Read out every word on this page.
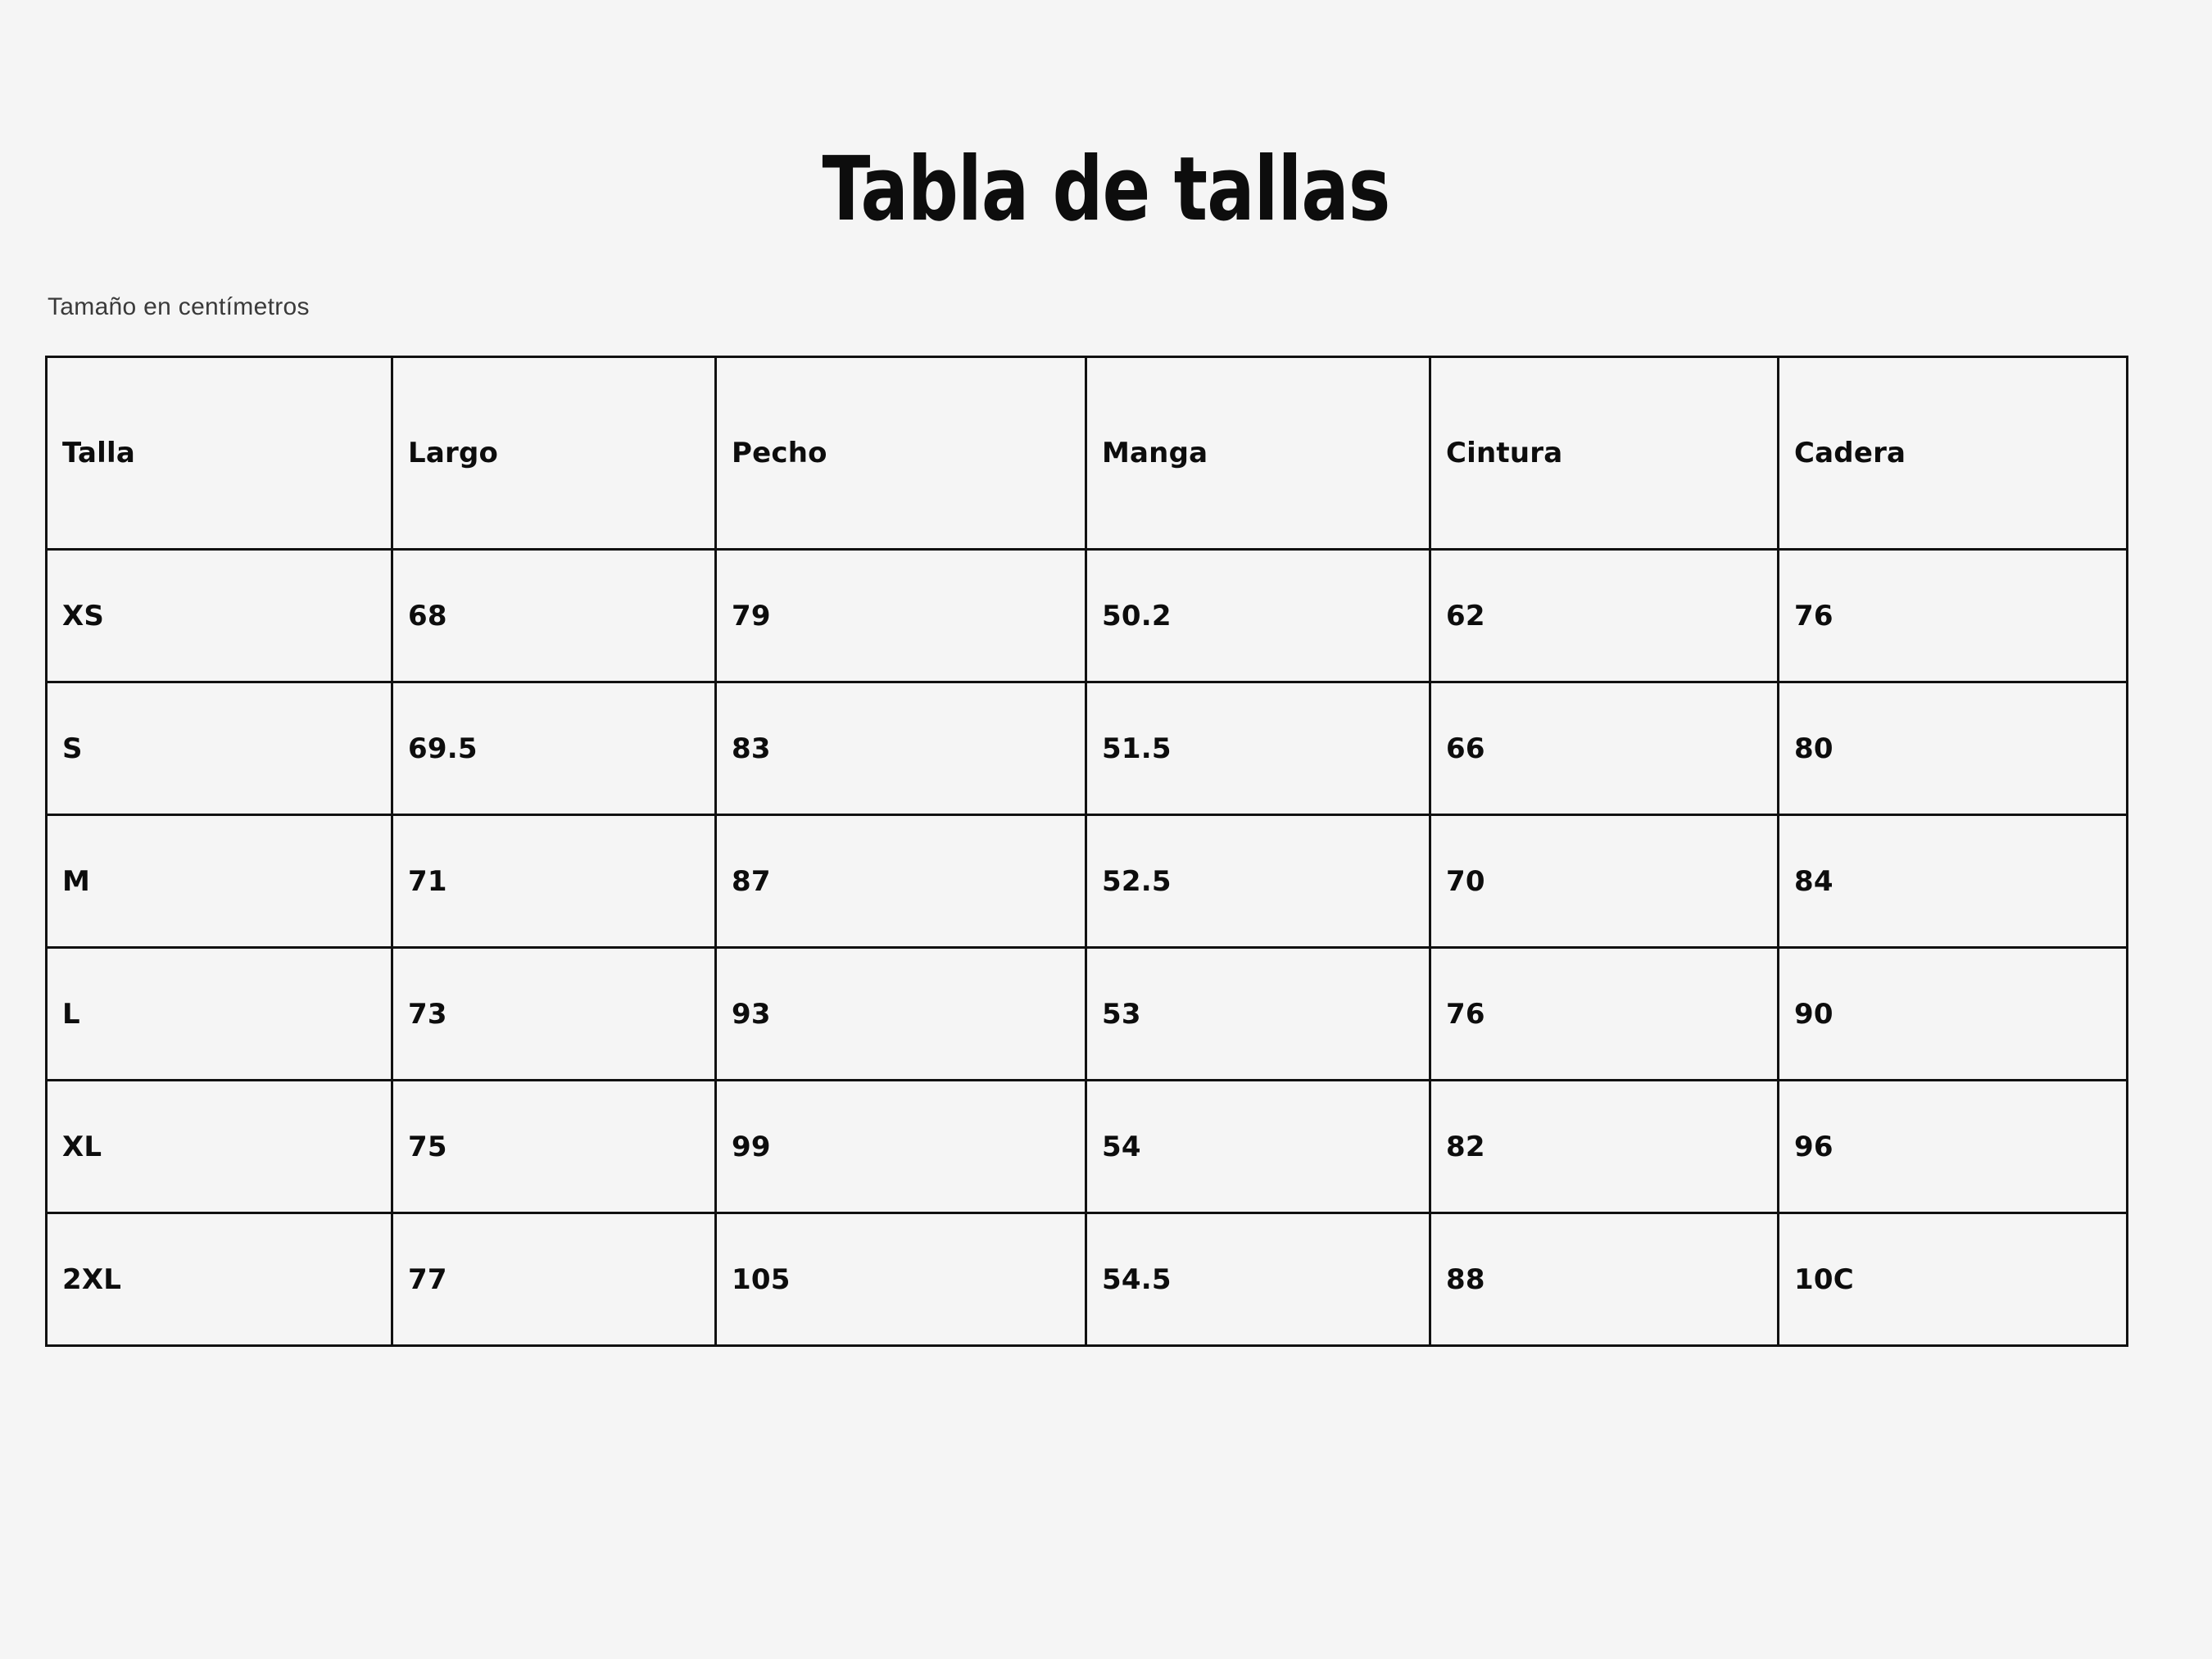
Tabla de tallas

Tamaño en centímetros

Talla	Largo	Pecho	Manga	Cintura	Cadera
XS	68	79	50.2	62	76
S	69.5	83	51.5	66	80
M	71	87	52.5	70	84
L	73	93	53	76	90
XL	75	99	54	82	96
2XL	77	105	54.5	88	10C
